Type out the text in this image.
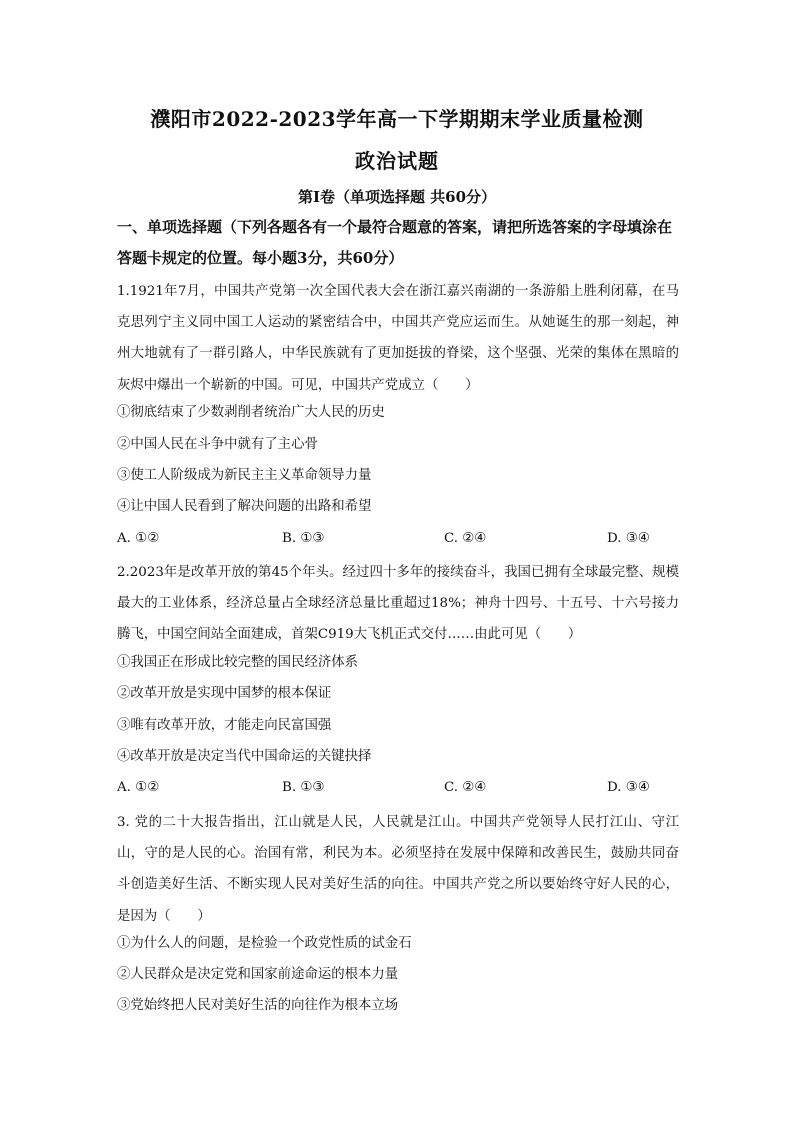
濮阳市2022-2023学年高一下学期期末学业质量检测
政治试题
第Ⅰ卷（单项选择题 共60分）
一、单项选择题（下列各题各有一个最符合题意的答案，请把所选答案的字母填涂在答题卡规定的位置。每小题3分，共60分）
1.1921年7月，中国共产党第一次全国代表大会在浙江嘉兴南湖的一条游船上胜利闭幕，在马克思列宁主义同中国工人运动的紧密结合中，中国共产党应运而生。从她诞生的那一刻起，神州大地就有了一群引路人，中华民族就有了更加挺拔的脊梁，这个坚强、光荣的集体在黑暗的灰烬中爆出一个崭新的中国。可见，中国共产党成立（　　）
①彻底结束了少数剥削者统治广大人民的历史
②中国人民在斗争中就有了主心骨
③使工人阶级成为新民主主义革命领导力量
④让中国人民看到了解决问题的出路和希望
A. ①②	B. ①③	C. ②④	D. ③④
2.2023年是改革开放的第45个年头。经过四十多年的接续奋斗，我国已拥有全球最完整、规模最大的工业体系，经济总量占全球经济总量比重超过18%；神舟十四号、十五号、十六号接力腾飞，中国空间站全面建成，首架C919大飞机正式交付……由此可见（　　）
①我国正在形成比较完整的国民经济体系
②改革开放是实现中国梦的根本保证
③唯有改革开放，才能走向民富国强
④改革开放是决定当代中国命运的关键抉择
A. ①②	B. ①③	C. ②④	D. ③④
3. 党的二十大报告指出，江山就是人民，人民就是江山。中国共产党领导人民打江山、守江山，守的是人民的心。治国有常，利民为本。必须坚持在发展中保障和改善民生，鼓励共同奋斗创造美好生活、不断实现人民对美好生活的向往。中国共产党之所以要始终守好人民的心，是因为（　　）
①为什么人的问题，是检验一个政党性质的试金石
②人民群众是决定党和国家前途命运的根本力量
③党始终把人民对美好生活的向往作为根本立场
